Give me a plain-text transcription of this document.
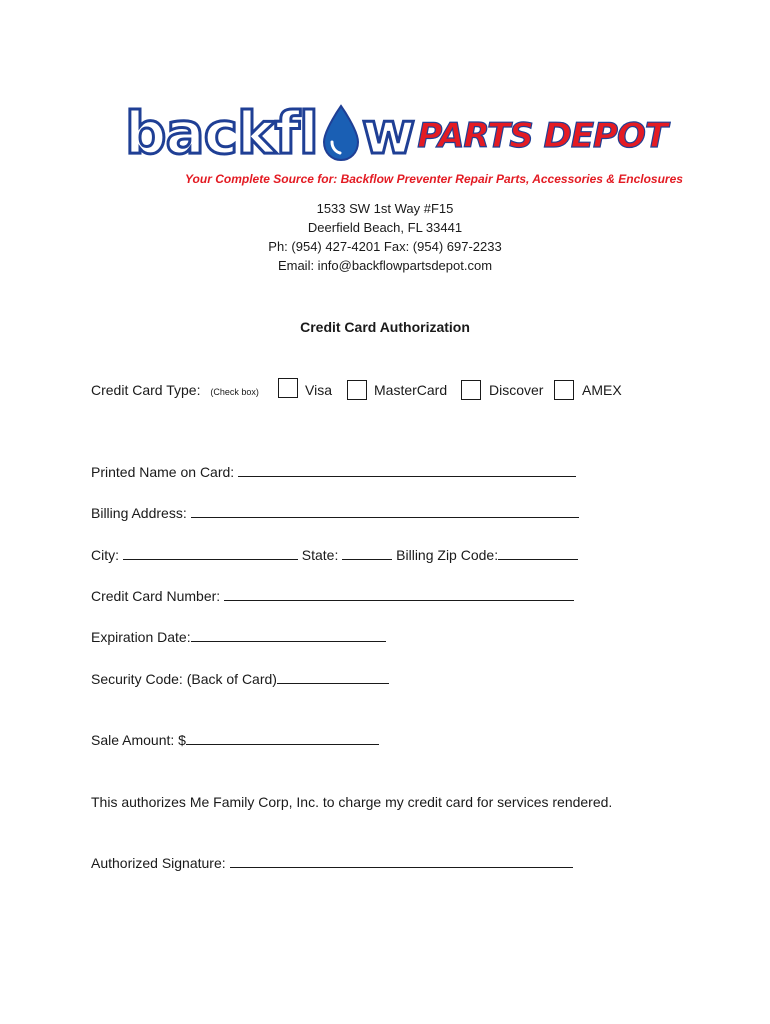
backfl wPARTS DEPOT
Your Complete Source for: Backflow Preventer Repair Parts, Accessories & Enclosures
1533 SW 1st Way #F15
Deerfield Beach, FL 33441
Ph: (954) 427-4201 Fax: (954) 697-2233
Email: info@backflowpartsdepot.com
Credit Card Authorization
Credit Card Type: (Check box)	Visa	MasterCard	Discover	AMEX
Printed Name on Card:
Billing Address:
City:	State:	Billing Zip Code:
Credit Card Number:
Expiration Date:
Security Code: (Back of Card)
Sale Amount: $
This authorizes Me Family Corp, Inc. to charge my credit card for services rendered.
Authorized Signature:
